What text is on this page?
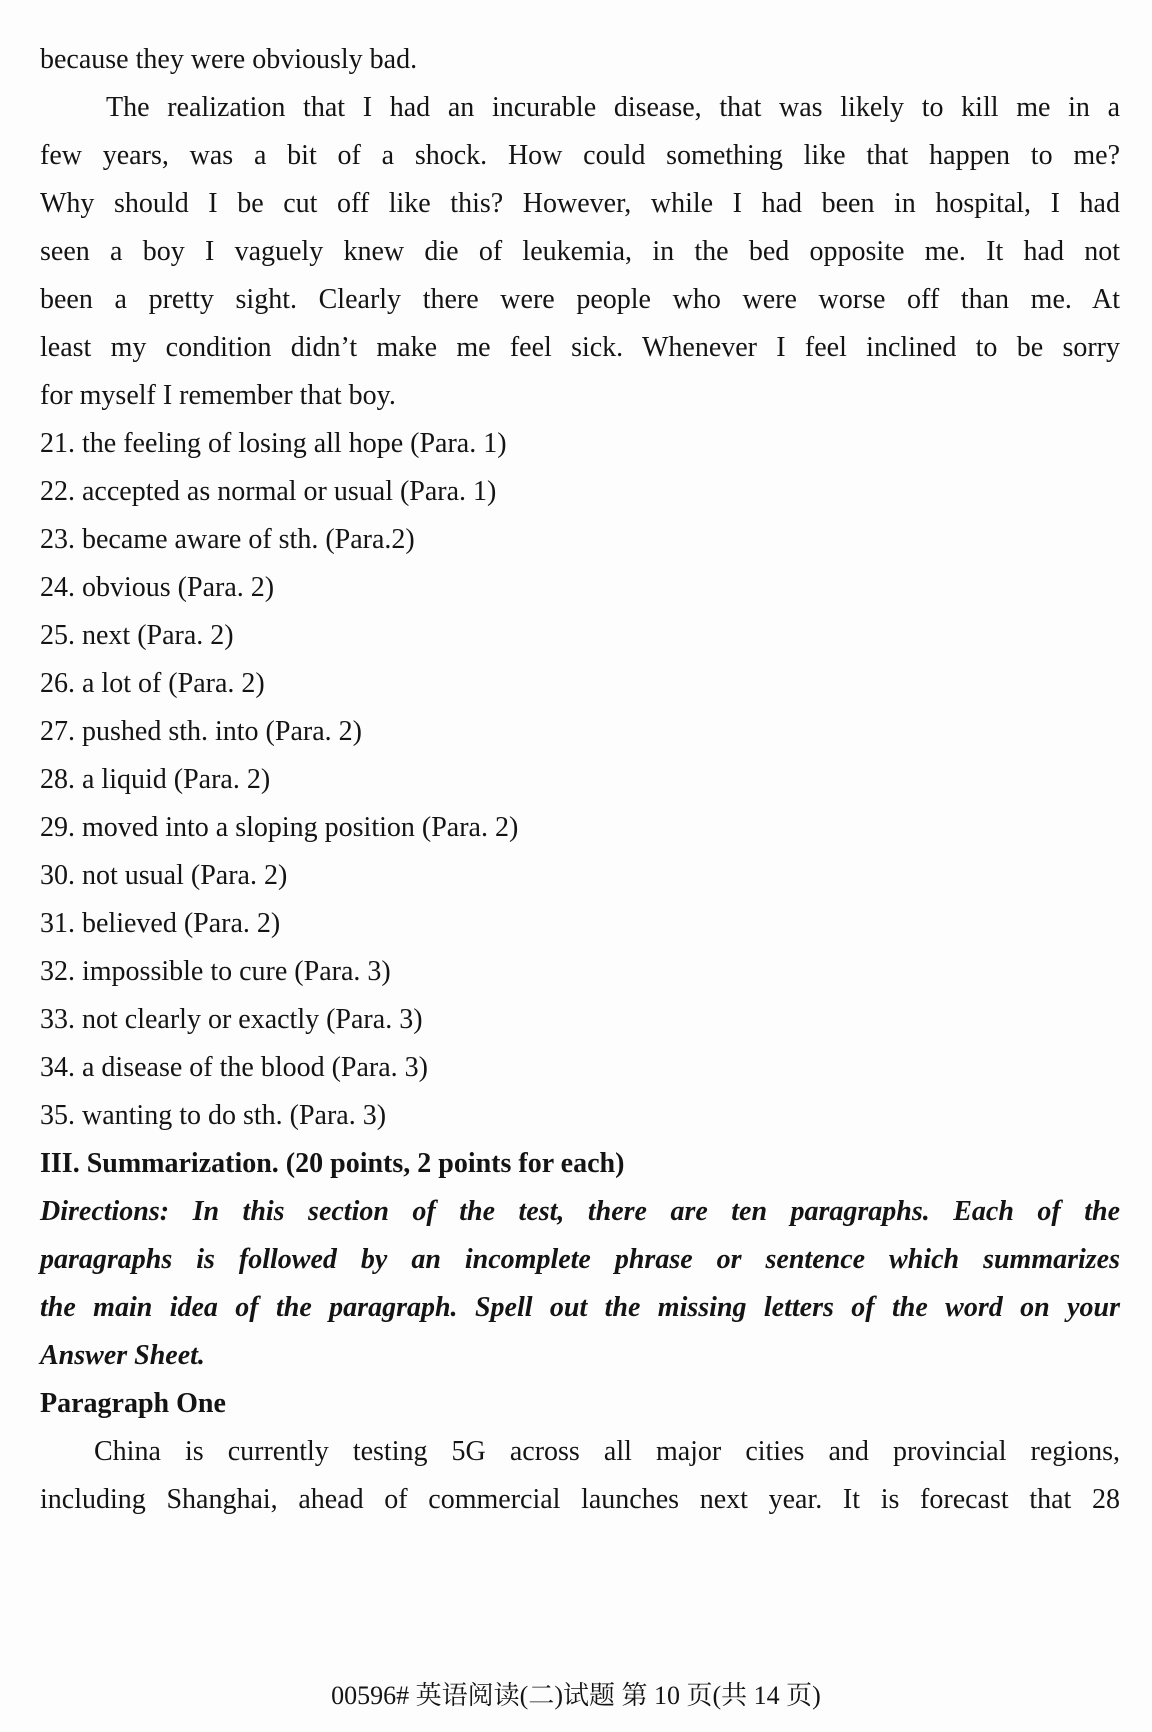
because they were obviously bad.
The realization that I had an incurable disease, that was likely to kill me in a
few years, was a bit of a shock. How could something like that happen to me?
Why should I be cut off like this? However, while I had been in hospital, I had
seen a boy I vaguely knew die of leukemia, in the bed opposite me. It had not
been a pretty sight. Clearly there were people who were worse off than me. At
least my condition didn’t make me feel sick. Whenever I feel inclined to be sorry
for myself I remember that boy.
21. the feeling of losing all hope (Para. 1)
22. accepted as normal or usual (Para. 1)
23. became aware of sth. (Para.2)
24. obvious (Para. 2)
25. next (Para. 2)
26. a lot of (Para. 2)
27. pushed sth. into (Para. 2)
28. a liquid (Para. 2)
29. moved into a sloping position (Para. 2)
30. not usual (Para. 2)
31. believed (Para. 2)
32. impossible to cure (Para. 3)
33. not clearly or exactly (Para. 3)
34. a disease of the blood (Para. 3)
35. wanting to do sth. (Para. 3)
III. Summarization. (20 points, 2 points for each)
Directions: In this section of the test, there are ten paragraphs. Each of the
paragraphs is followed by an incomplete phrase or sentence which summarizes
the main idea of the paragraph. Spell out the missing letters of the word on your
Answer Sheet.
Paragraph One
China is currently testing 5G across all major cities and provincial regions,
including Shanghai, ahead of commercial launches next year. It is forecast that 28
00596# 英语阅读(二)试题 第 10 页(共 14 页)
